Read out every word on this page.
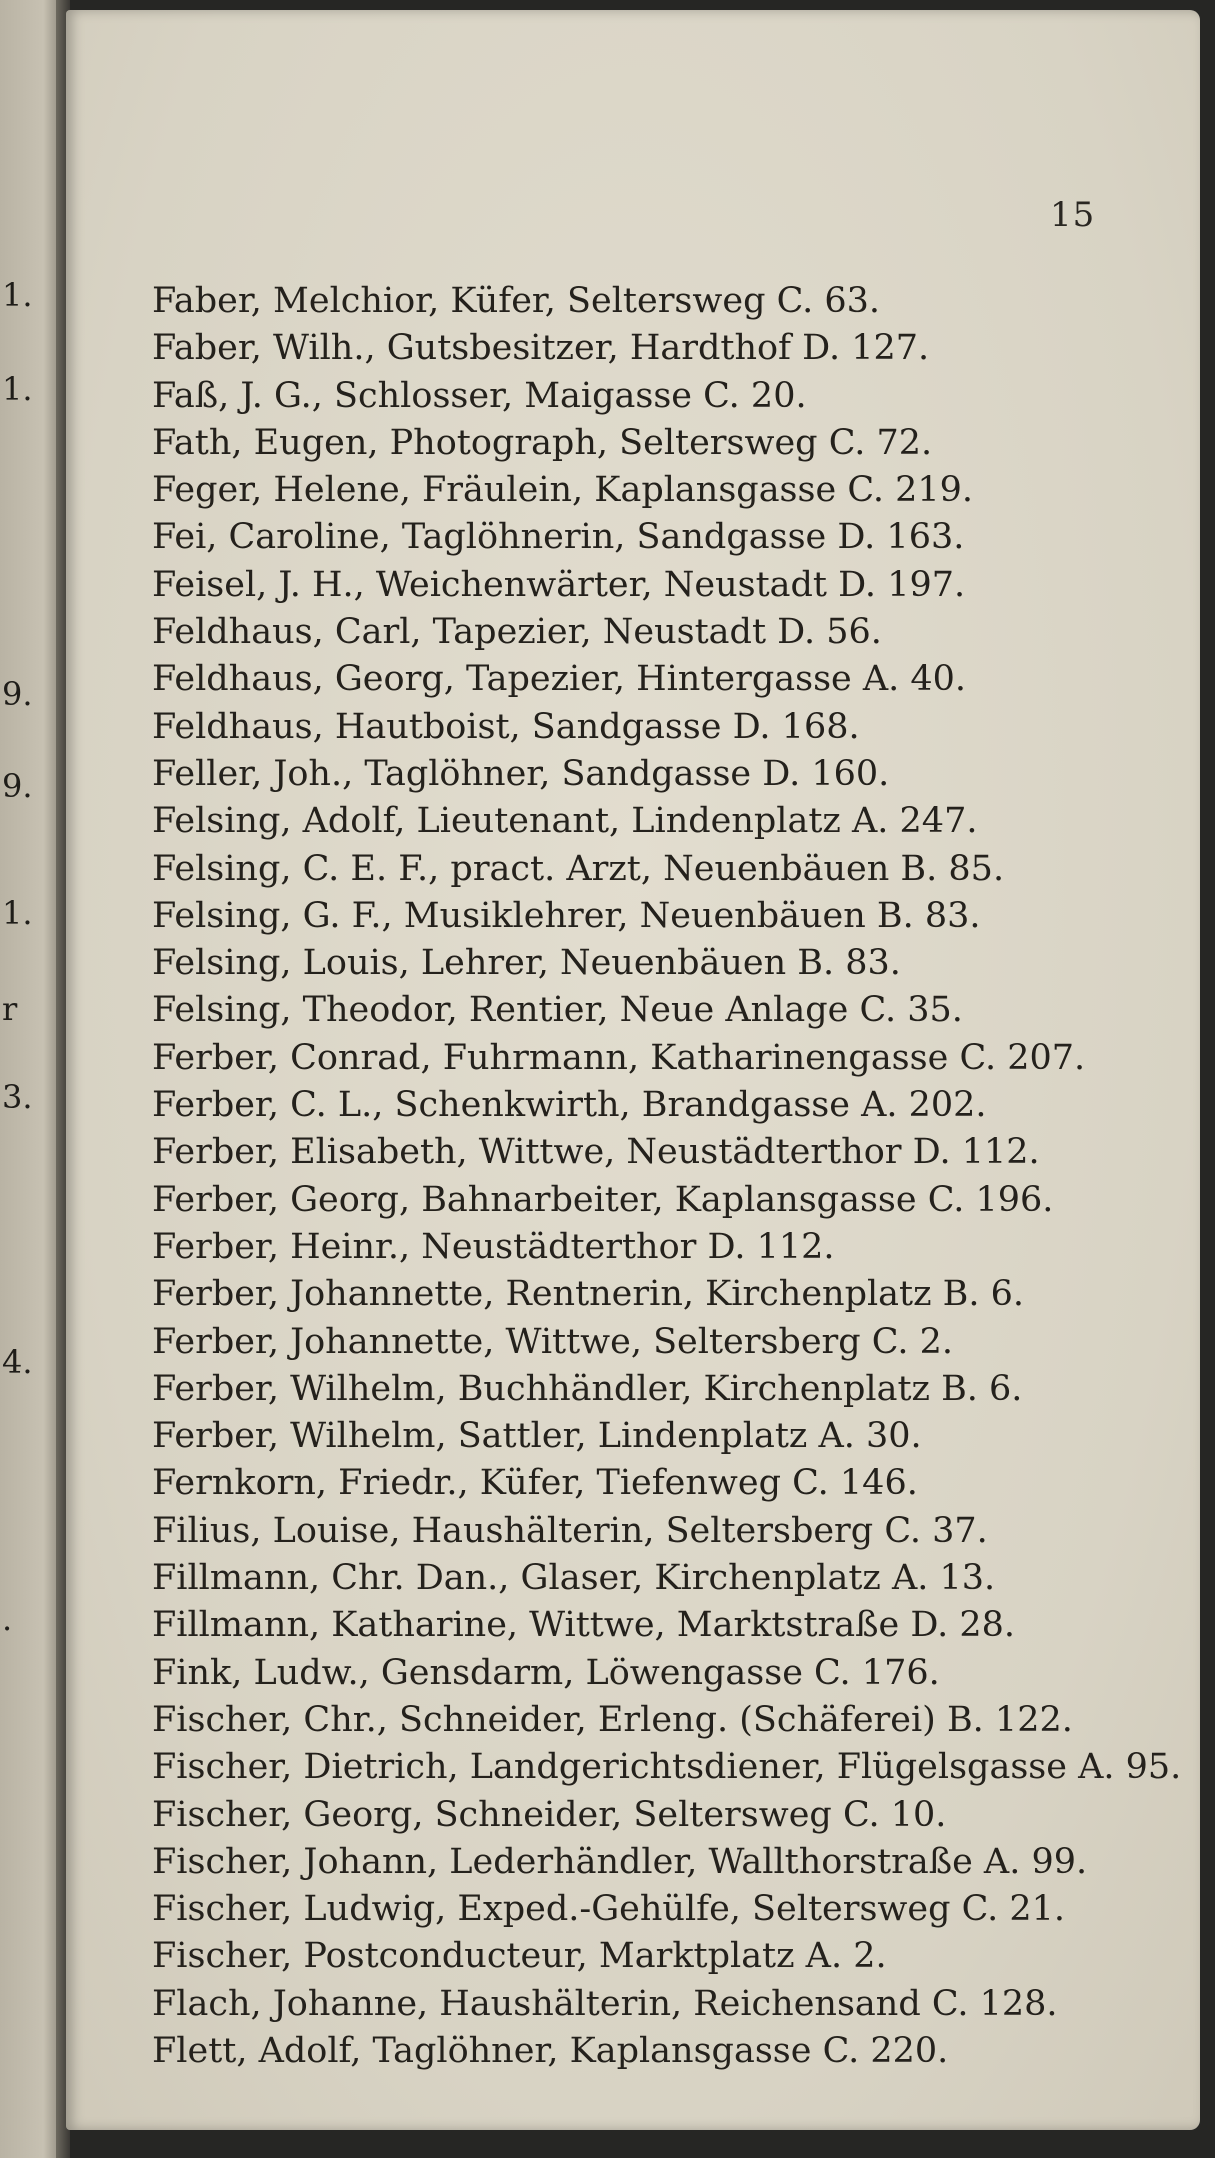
1.
1.
9.
9.
1.
r
3.
4.
.
15
Faber, Melchior, Küfer, Seltersweg C. 63.
Faber, Wilh., Gutsbesitzer, Hardthof D. 127.
Faß, J. G., Schlosser, Maigasse C. 20.
Fath, Eugen, Photograph, Seltersweg C. 72.
Feger, Helene, Fräulein, Kaplansgasse C. 219.
Fei, Caroline, Taglöhnerin, Sandgasse D. 163.
Feisel, J. H., Weichenwärter, Neustadt D. 197.
Feldhaus, Carl, Tapezier, Neustadt D. 56.
Feldhaus, Georg, Tapezier, Hintergasse A. 40.
Feldhaus, Hautboist, Sandgasse D. 168.
Feller, Joh., Taglöhner, Sandgasse D. 160.
Felsing, Adolf, Lieutenant, Lindenplatz A. 247.
Felsing, C. E. F., pract. Arzt, Neuenbäuen B. 85.
Felsing, G. F., Musiklehrer, Neuenbäuen B. 83.
Felsing, Louis, Lehrer, Neuenbäuen B. 83.
Felsing, Theodor, Rentier, Neue Anlage C. 35.
Ferber, Conrad, Fuhrmann, Katharinengasse C. 207.
Ferber, C. L., Schenkwirth, Brandgasse A. 202.
Ferber, Elisabeth, Wittwe, Neustädterthor D. 112.
Ferber, Georg, Bahnarbeiter, Kaplansgasse C. 196.
Ferber, Heinr., Neustädterthor D. 112.
Ferber, Johannette, Rentnerin, Kirchenplatz B. 6.
Ferber, Johannette, Wittwe, Seltersberg C. 2.
Ferber, Wilhelm, Buchhändler, Kirchenplatz B. 6.
Ferber, Wilhelm, Sattler, Lindenplatz A. 30.
Fernkorn, Friedr., Küfer, Tiefenweg C. 146.
Filius, Louise, Haushälterin, Seltersberg C. 37.
Fillmann, Chr. Dan., Glaser, Kirchenplatz A. 13.
Fillmann, Katharine, Wittwe, Marktstraße D. 28.
Fink, Ludw., Gensdarm, Löwengasse C. 176.
Fischer, Chr., Schneider, Erleng. (Schäferei) B. 122.
Fischer, Dietrich, Landgerichtsdiener, Flügelsgasse A. 95.
Fischer, Georg, Schneider, Seltersweg C. 10.
Fischer, Johann, Lederhändler, Wallthorstraße A. 99.
Fischer, Ludwig, Exped.-Gehülfe, Seltersweg C. 21.
Fischer, Postconducteur, Marktplatz A. 2.
Flach, Johanne, Haushälterin, Reichensand C. 128.
Flett, Adolf, Taglöhner, Kaplansgasse C. 220.
